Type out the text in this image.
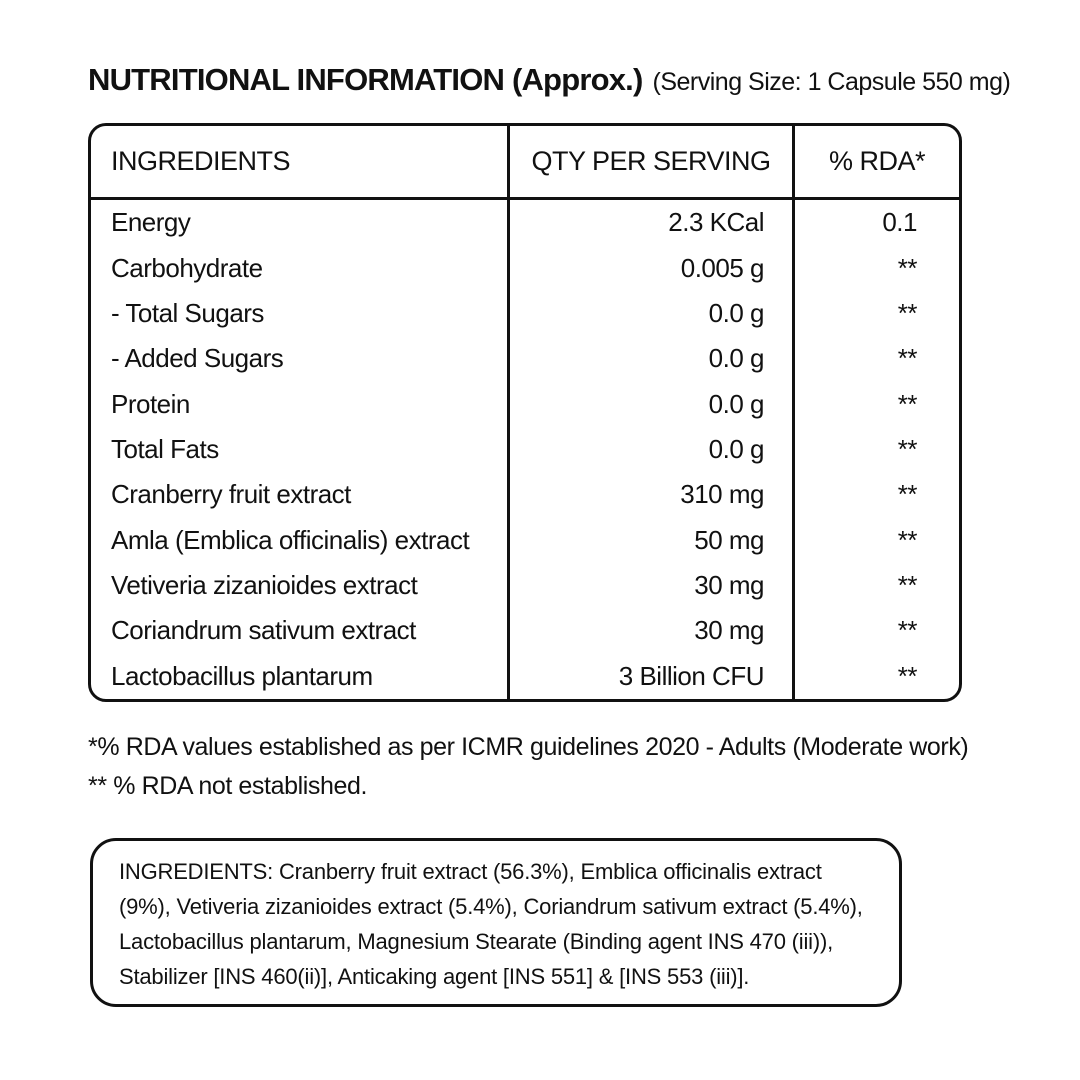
NUTRITIONAL INFORMATION (Approx.) (Serving Size: 1 Capsule 550 mg)
INGREDIENTS	QTY PER SERVING	% RDA*
Energy	2.3 KCal	0.1
Carbohydrate	0.005 g	**
- Total Sugars	0.0 g	**
- Added Sugars	0.0 g	**
Protein	0.0 g	**
Total Fats	0.0 g	**
Cranberry fruit extract	310 mg	**
Amla (Emblica officinalis) extract	50 mg	**
Vetiveria zizanioides extract	30 mg	**
Coriandrum sativum extract	30 mg	**
Lactobacillus plantarum	3 Billion CFU	**
*% RDA values established as per ICMR guidelines 2020 - Adults (Moderate work)
** % RDA not established.

INGREDIENTS: Cranberry fruit extract (56.3%), Emblica officinalis extract (9%), Vetiveria zizanioides extract (5.4%), Coriandrum sativum extract (5.4%), Lactobacillus plantarum, Magnesium Stearate (Binding agent INS 470 (iii)), Stabilizer [INS 460(ii)], Anticaking agent [INS 551] & [INS 553 (iii)].
